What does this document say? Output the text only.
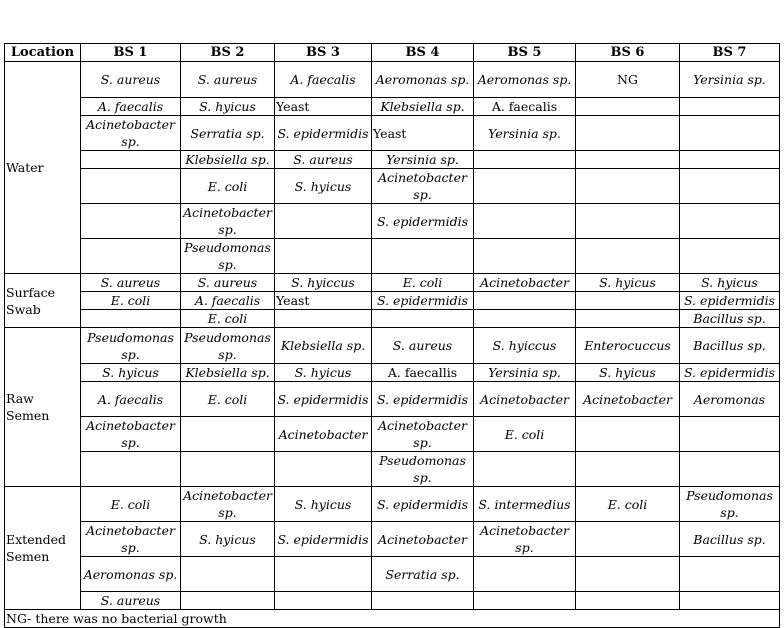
Location	BS 1	BS 2	BS 3	BS 4	BS 5	BS 6	BS 7
Water	S. aureus	S. aureus	A. faecalis	Aeromonas sp.	Aeromonas sp.	NG	Yersinia sp.
	A. faecalis	S. hyicus	Yeast	Klebsiella sp.	A. faecalis		
	Acinetobacter sp.	Serratia sp.	S. epidermidis	Yeast	Yersinia sp.		
		Klebsiella sp.	S. aureus	Yersinia sp.			
		E. coli	S. hyicus	Acinetobacter sp.			
		Acinetobacter sp.		S. epidermidis			
		Pseudomonas sp.					
Surface Swab	S. aureus	S. aureus	S. hyiccus	E. coli	Acinetobacter	S. hyicus	S. hyicus
	E. coli	A. faecalis	Yeast	S. epidermidis			S. epidermidis
		E. coli					Bacillus sp.
Raw Semen	Pseudomonas sp.	Pseudomonas sp.	Klebsiella sp.	S. aureus	S. hyiccus	Enterocuccus	Bacillus sp.
	S. hyicus	Klebsiella sp.	S. hyicus	A. faecallis	Yersinia sp.	S. hyicus	S. epidermidis
	A. faecalis	E. coli	S. epidermidis	S. epidermidis	Acinetobacter	Acinetobacter	Aeromonas
	Acinetobacter sp.		Acinetobacter	Acinetobacter sp.	E. coli		
				Pseudomonas sp.			
Extended Semen	E. coli	Acinetobacter sp.	S. hyicus	S. epidermidis	S. intermedius	E. coli	Pseudomonas sp.
	Acinetobacter sp.	S. hyicus	S. epidermidis	Acinetobacter	Acinetobacter sp.		Bacillus sp.
	Aeromonas sp.			Serratia sp.			
	S. aureus						
NG- there was no bacterial growth							
